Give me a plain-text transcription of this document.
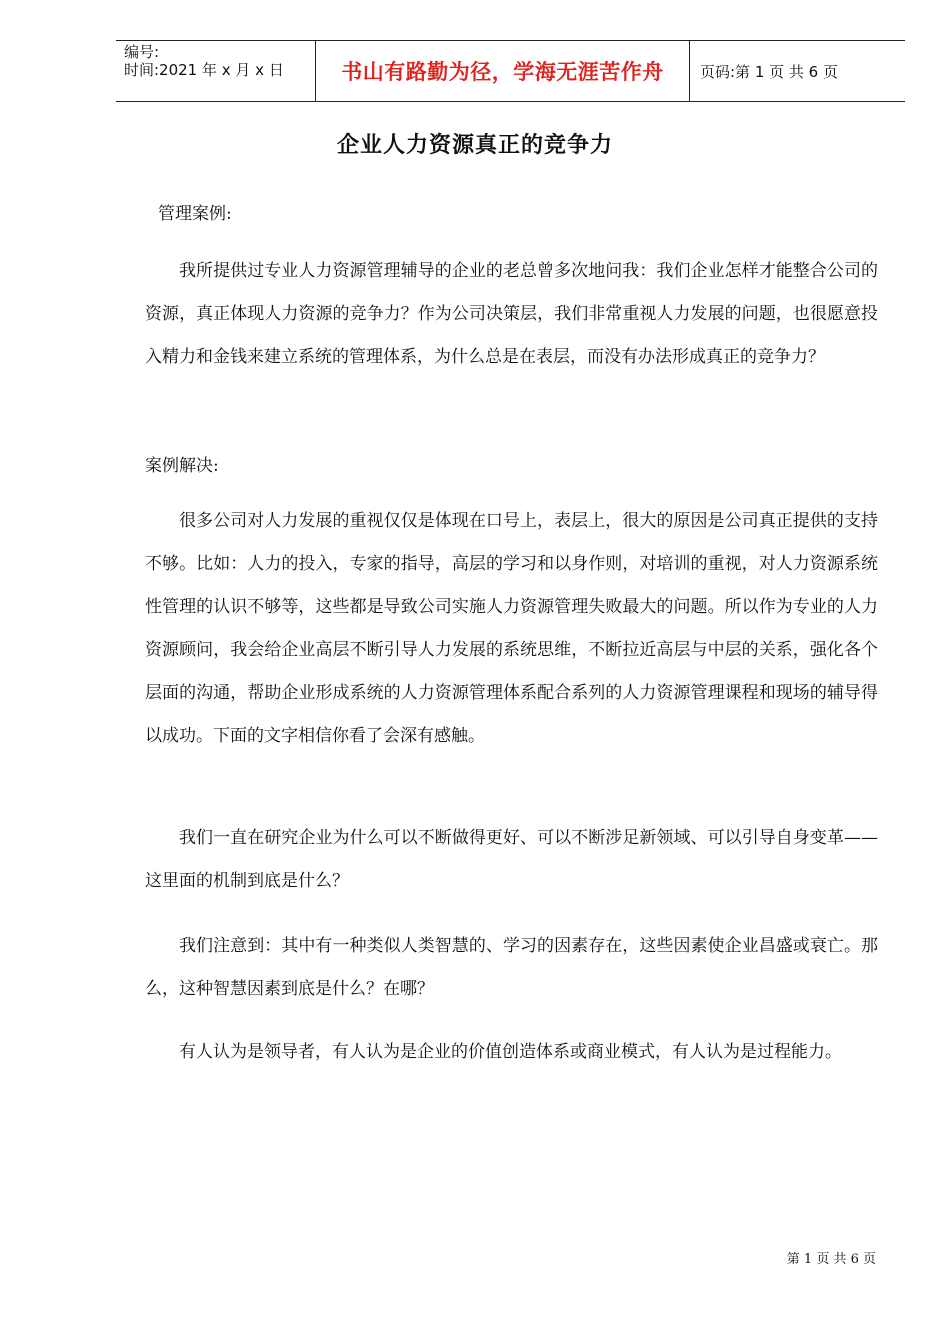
编号:
时间:2021 年 x 月 x 日	书山有路勤为径，学海无涯苦作舟 页码:第 1 页 共 6 页
企业人力资源真正的竞争力
管理案例:

我所提供过专业人力资源管理辅导的企业的老总曾多次地问我：我们企业怎样才能整合公司的资源，真正体现人力资源的竞争力？作为公司决策层，我们非常重视人力发展的问题，也很愿意投入精力和金钱来建立系统的管理体系，为什么总是在表层，而没有办法形成真正的竞争力？

案例解决:

很多公司对人力发展的重视仅仅是体现在口号上，表层上，很大的原因是公司真正提供的支持不够。比如：人力的投入，专家的指导，高层的学习和以身作则，对培训的重视，对人力资源系统性管理的认识不够等，这些都是导致公司实施人力资源管理失败最大的问题。所以作为专业的人力资源顾问，我会给企业高层不断引导人力发展的系统思维，不断拉近高层与中层的关系，强化各个层面的沟通，帮助企业形成系统的人力资源管理体系配合系列的人力资源管理课程和现场的辅导得以成功。下面的文字相信你看了会深有感触。

我们一直在研究企业为什么可以不断做得更好、可以不断涉足新领域、可以引导自身变革——这里面的机制到底是什么？

我们注意到：其中有一种类似人类智慧的、学习的因素存在，这些因素使企业昌盛或衰亡。那么，这种智慧因素到底是什么？在哪？

有人认为是领导者，有人认为是企业的价值创造体系或商业模式，有人认为是过程能力。

第 1 页 共 6 页
